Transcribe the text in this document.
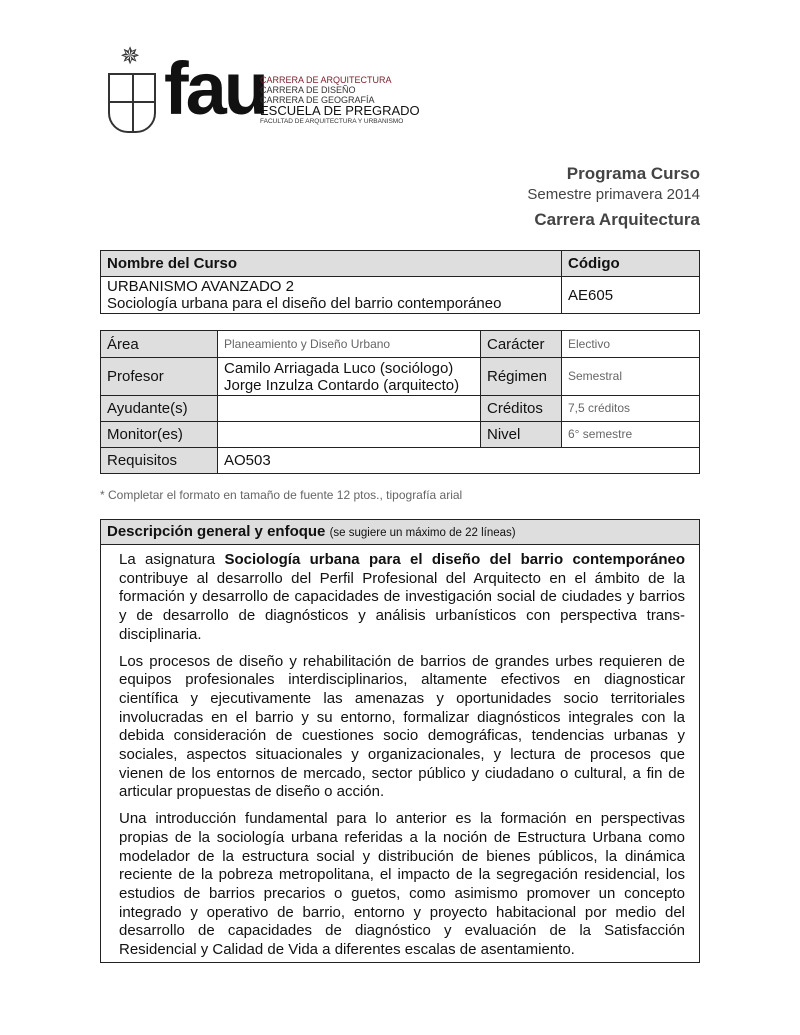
✵ fau
CARRERA DE ARQUITECTURA
CARRERA DE DISEÑO
CARRERA DE GEOGRAFÍA
ESCUELA DE PREGRADO
FACULTAD DE ARQUITECTURA Y URBANISMO
Programa Curso
Semestre primavera 2014
Carrera Arquitectura
Nombre del Curso	Código

URBANISMO AVANZADO 2
Sociología urbana para el diseño del barrio contemporáneo	AE605
Área	Planeamiento y Diseño Urbano	Carácter	Electivo
Profesor	Camilo Arriagada Luco (sociólogo)
Jorge Inzulza Contardo (arquitecto)	Régimen	Semestral
Ayudante(s)		Créditos	7,5 créditos
Monitor(es)		Nivel	6° semestre
Requisitos	AO503		
* Completar el formato en tamaño de fuente 12 ptos., tipografía arial
Descripción general y enfoque (se sugiere un máximo de 22 líneas)

La asignatura Sociología urbana para el diseño del barrio contemporáneo contribuye al desarrollo del Perfil Profesional del Arquitecto en el ámbito de la formación y desarrollo de capacidades de investigación social de ciudades y barrios y de desarrollo de diagnósticos y análisis urbanísticos con perspectiva trans-disciplinaria.

Los procesos de diseño y rehabilitación de barrios de grandes urbes requieren de equipos profesionales interdisciplinarios, altamente efectivos en diagnosticar científica y ejecutivamente las amenazas y oportunidades socio territoriales involucradas en el barrio y su entorno, formalizar diagnósticos integrales con la debida consideración de cuestiones socio demográficas, tendencias urbanas y sociales, aspectos situacionales y organizacionales, y lectura de procesos que vienen de los entornos de mercado, sector público y ciudadano o cultural, a fin de articular propuestas de diseño o acción.

Una introducción fundamental para lo anterior es la formación en perspectivas propias de la sociología urbana referidas a la noción de Estructura Urbana como modelador de la estructura social y distribución de bienes públicos, la dinámica reciente de la pobreza metropolitana, el impacto de la segregación residencial, los estudios de barrios precarios o guetos, como asimismo promover un concepto integrado y operativo de barrio, entorno y proyecto habitacional por medio del desarrollo de capacidades de diagnóstico y evaluación de la Satisfacción Residencial y Calidad de Vida a diferentes escalas de asentamiento.
